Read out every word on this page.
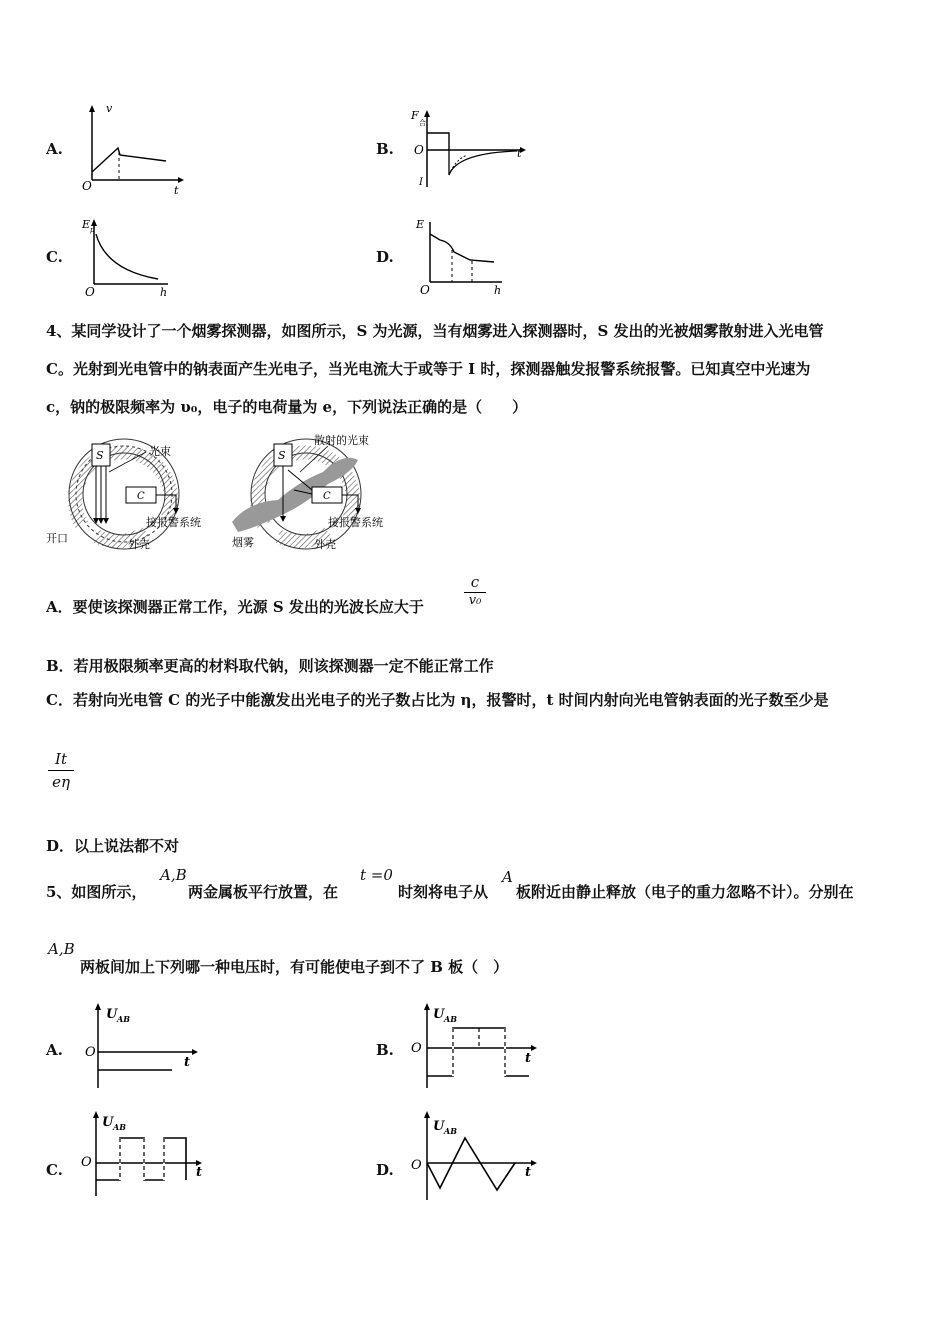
A.
v
O	t
B.
F
合
O	t
I
C.
E p
O	h
D.
E
O	h
4、某同学设计了一个烟雾探测器，如图所示，S 为光源，当有烟雾进入探测器时，S 发出的光被烟雾散射进入光电管
C。光射到光电管中的钠表面产生光电子，当光电流大于或等于 I 时，探测器触发报警系统报警。已知真空中光速为
c，钠的极限频率为 υ₀，电子的电荷量为 e，下列说法正确的是（　　）
S	光束
C
接报警系统
开口	外壳
S
散射的光束
C
接报警系统
烟雾	外壳
A．要使该探测器正常工作，光源 S 发出的光波长应大于	$\frac{c}{\text{v₀}}$
B．若用极限频率更高的材料取代钠，则该探测器一定不能正常工作
C．若射向光电管 C 的光子中能激发出光电子的光子数占比为 η，报警时，t 时间内射向光电管钠表面的光子数至少是
$\frac{It}{e\eta}$
D．以上说法都不对
5、如图所示，
A,B
两金属板平行放置，在
t =0
时刻将电子从
A
板附近由静止释放（电子的重力忽略不计）。分别在
A,B
两板间加上下列哪一种电压时，有可能使电子到不了 B 板（　）
A.
U AB
O
t
B.
U AB
O
t
C.
U AB
O
t	D.
U AB
O	t
